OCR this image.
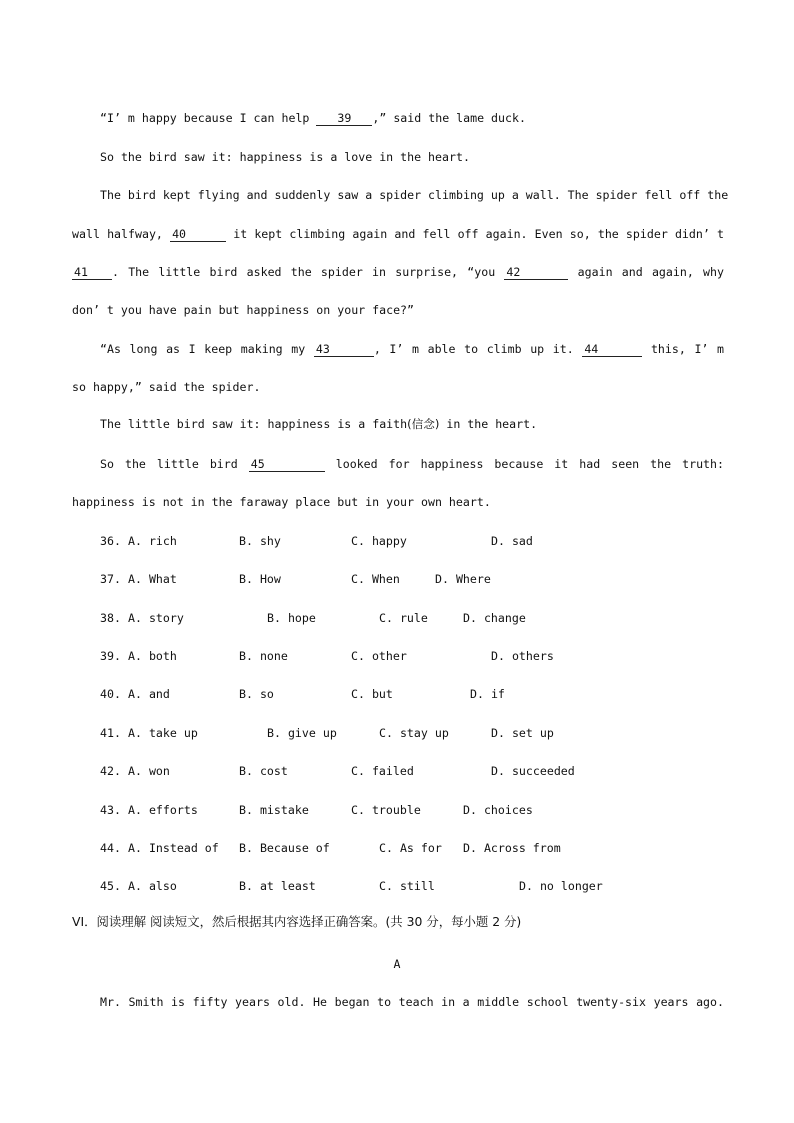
“I’ m happy because I can help 39 ,” said the lame duck.
So the bird saw it: happiness is a love in the heart.
The bird kept flying and suddenly saw a spider climbing up a wall. The spider fell off the
wall halfway, 40	it kept climbing again and fell off again. Even so, the spider didn’ t
41 . The little bird asked the spider in surprise, “you 42	again and again, why
don’ t you have pain but happiness on your face?”
“As long as I keep making my 43	, I’ m able to climb up it. 44	this, I’ m
so happy,” said the spider.
The little bird saw it: happiness is a faith(信念) in the heart.
So the little bird 45	looked for happiness because it had seen the truth:
happiness is not in the faraway place but in your own heart.
36. A. rich	B. shy	C. happy	D. sad
37. A. What	B. How	C. When	D. Where
38. A. story	B. hope	C. rule	D. change
39. A. both	B. none	C. other	D. others
40. A. and	B. so	C. but	D. if
41. A. take up	B. give up	C. stay up	D. set up
42. A. won	B. cost	C. failed	D. succeeded
43. A. efforts	B. mistake	C. trouble	D. choices
44. A. Instead of B. Because of	C. As for D. Across from
45. A. also	B. at least	C. still	D. no longer
VI．阅读理解 阅读短文，然后根据其内容选择正确答案。(共 30 分，每小题 2 分)
A
Mr. Smith is fifty years old. He began to teach in a middle school twenty-six years ago.
